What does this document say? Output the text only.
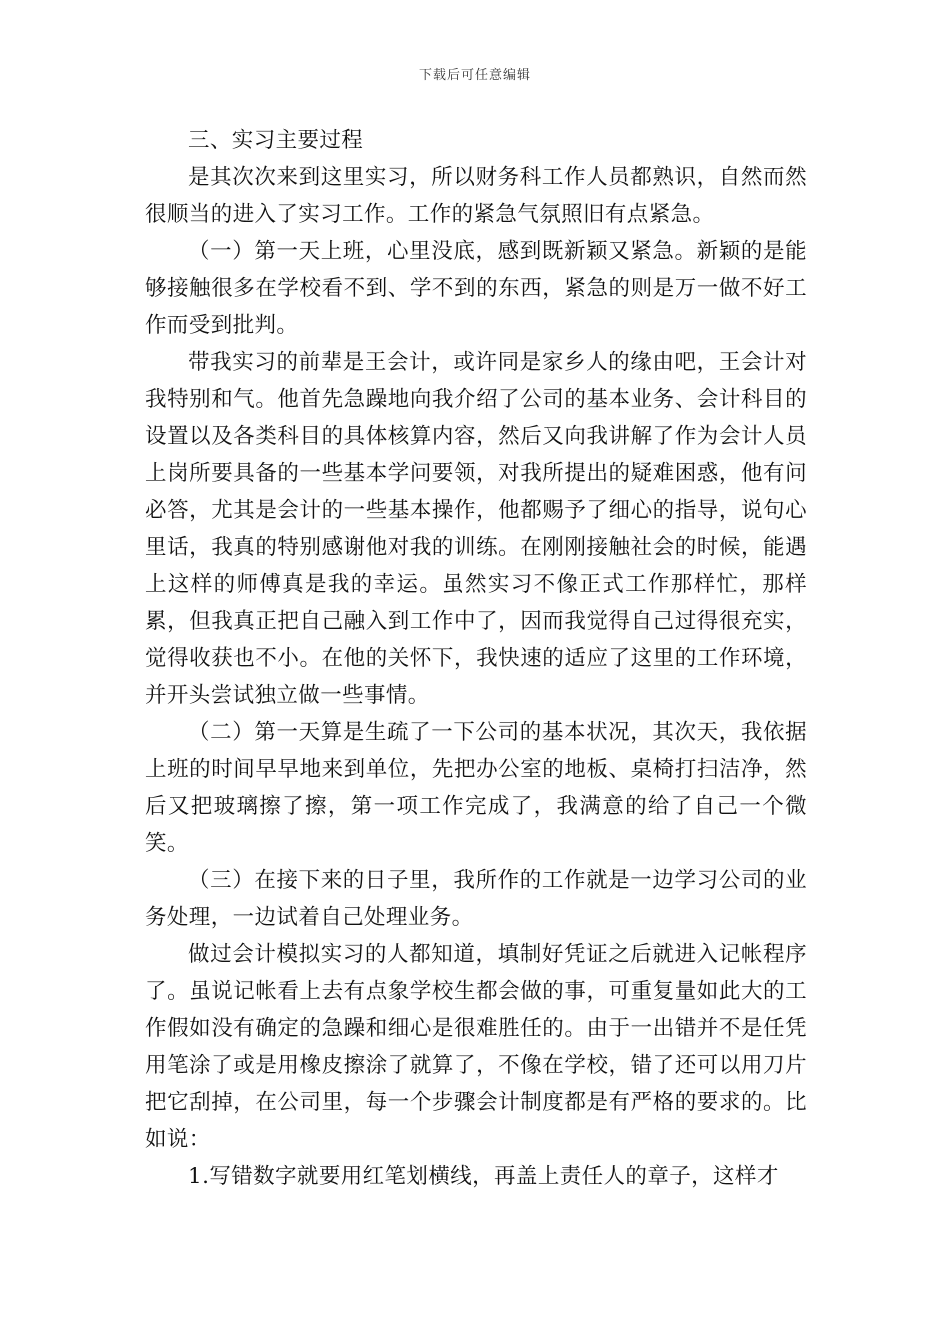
下载后可任意编辑

三、实习主要过程

是其次次来到这里实习，所以财务科工作人员都熟识，自然而然很顺当的进入了实习工作。工作的紧急气氛照旧有点紧急。

（一）第一天上班，心里没底，感到既新颖又紧急。新颖的是能够接触很多在学校看不到、学不到的东西，紧急的则是万一做不好工作而受到批判。

带我实习的前辈是王会计，或许同是家乡人的缘由吧，王会计对我特别和气。他首先急躁地向我介绍了公司的基本业务、会计科目的设置以及各类科目的具体核算内容，然后又向我讲解了作为会计人员上岗所要具备的一些基本学问要领，对我所提出的疑难困惑，他有问必答，尤其是会计的一些基本操作，他都赐予了细心的指导，说句心里话，我真的特别感谢他对我的训练。在刚刚接触社会的时候，能遇上这样的师傅真是我的幸运。虽然实习不像正式工作那样忙，那样累，但我真正把自己融入到工作中了，因而我觉得自己过得很充实，觉得收获也不小。在他的关怀下，我快速的适应了这里的工作环境，并开头尝试独立做一些事情。

（二）第一天算是生疏了一下公司的基本状况，其次天，我依据上班的时间早早地来到单位，先把办公室的地板、桌椅打扫洁净，然后又把玻璃擦了擦，第一项工作完成了，我满意的给了自己一个微笑。

（三）在接下来的日子里，我所作的工作就是一边学习公司的业务处理，一边试着自己处理业务。

做过会计模拟实习的人都知道，填制好凭证之后就进入记帐程序了。虽说记帐看上去有点象学校生都会做的事，可重复量如此大的工作假如没有确定的急躁和细心是很难胜任的。由于一出错并不是任凭用笔涂了或是用橡皮擦涂了就算了，不像在学校，错了还可以用刀片把它刮掉，在公司里，每一个步骤会计制度都是有严格的要求的。比如说：

1.写错数字就要用红笔划横线，再盖上责任人的章子，这样才
